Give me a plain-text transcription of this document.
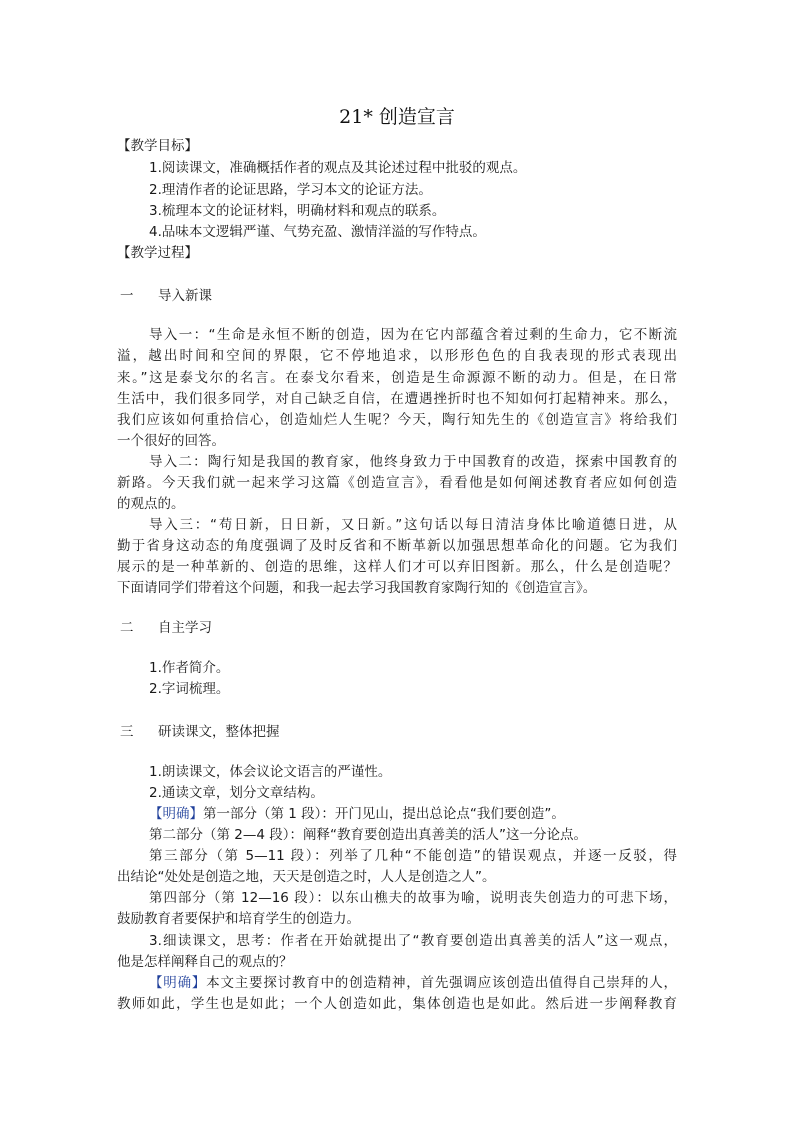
21* 创造宣言
【教学目标】
1.阅读课文，准确概括作者的观点及其论述过程中批驳的观点。
2.理清作者的论证思路，学习本文的论证方法。
3.梳理本文的论证材料，明确材料和观点的联系。
4.品味本文逻辑严谨、气势充盈、激情洋溢的写作特点。
【教学过程】
一 导入新课
导入一：“生命是永恒不断的创造，因为在它内部蕴含着过剩的生命力，它不断流
溢，越出时间和空间的界限，它不停地追求，以形形色色的自我表现的形式表现出
来。”这是泰戈尔的名言。在泰戈尔看来，创造是生命源源不断的动力。但是，在日常
生活中，我们很多同学，对自己缺乏自信，在遭遇挫折时也不知如何打起精神来。那么，
我们应该如何重拾信心，创造灿烂人生呢？今天，陶行知先生的《创造宣言》将给我们
一个很好的回答。
导入二：陶行知是我国的教育家，他终身致力于中国教育的改造，探索中国教育的
新路。今天我们就一起来学习这篇《创造宣言》，看看他是如何阐述教育者应如何创造
的观点的。
导入三：“苟日新，日日新，又日新。”这句话以每日清洁身体比喻道德日进，从
勤于省身这动态的角度强调了及时反省和不断革新以加强思想革命化的问题。它为我们
展示的是一种革新的、创造的思维，这样人们才可以弃旧图新。那么，什么是创造呢？
下面请同学们带着这个问题，和我一起去学习我国教育家陶行知的《创造宣言》。
二 自主学习
1.作者简介。
2.字词梳理。
三 研读课文，整体把握
1.朗读课文，体会议论文语言的严谨性。
2.通读文章，划分文章结构。
【明确】第一部分（第 1 段）：开门见山，提出总论点“我们要创造”。
第二部分（第 2—4 段）：阐释“教育要创造出真善美的活人”这一分论点。
第三部分（第 5—11 段）：列举了几种“不能创造”的错误观点，并逐一反驳，得
出结论“处处是创造之地，天天是创造之时，人人是创造之人”。
第四部分（第 12—16 段）：以东山樵夫的故事为喻，说明丧失创造力的可悲下场，
鼓励教育者要保护和培育学生的创造力。
3.细读课文，思考：作者在开始就提出了“教育要创造出真善美的活人”这一观点，
他是怎样阐释自己的观点的？
【明确】本文主要探讨教育中的创造精神，首先强调应该创造出值得自己崇拜的人，
教师如此，学生也是如此；一个人创造如此，集体创造也是如此。然后进一步阐释教育
